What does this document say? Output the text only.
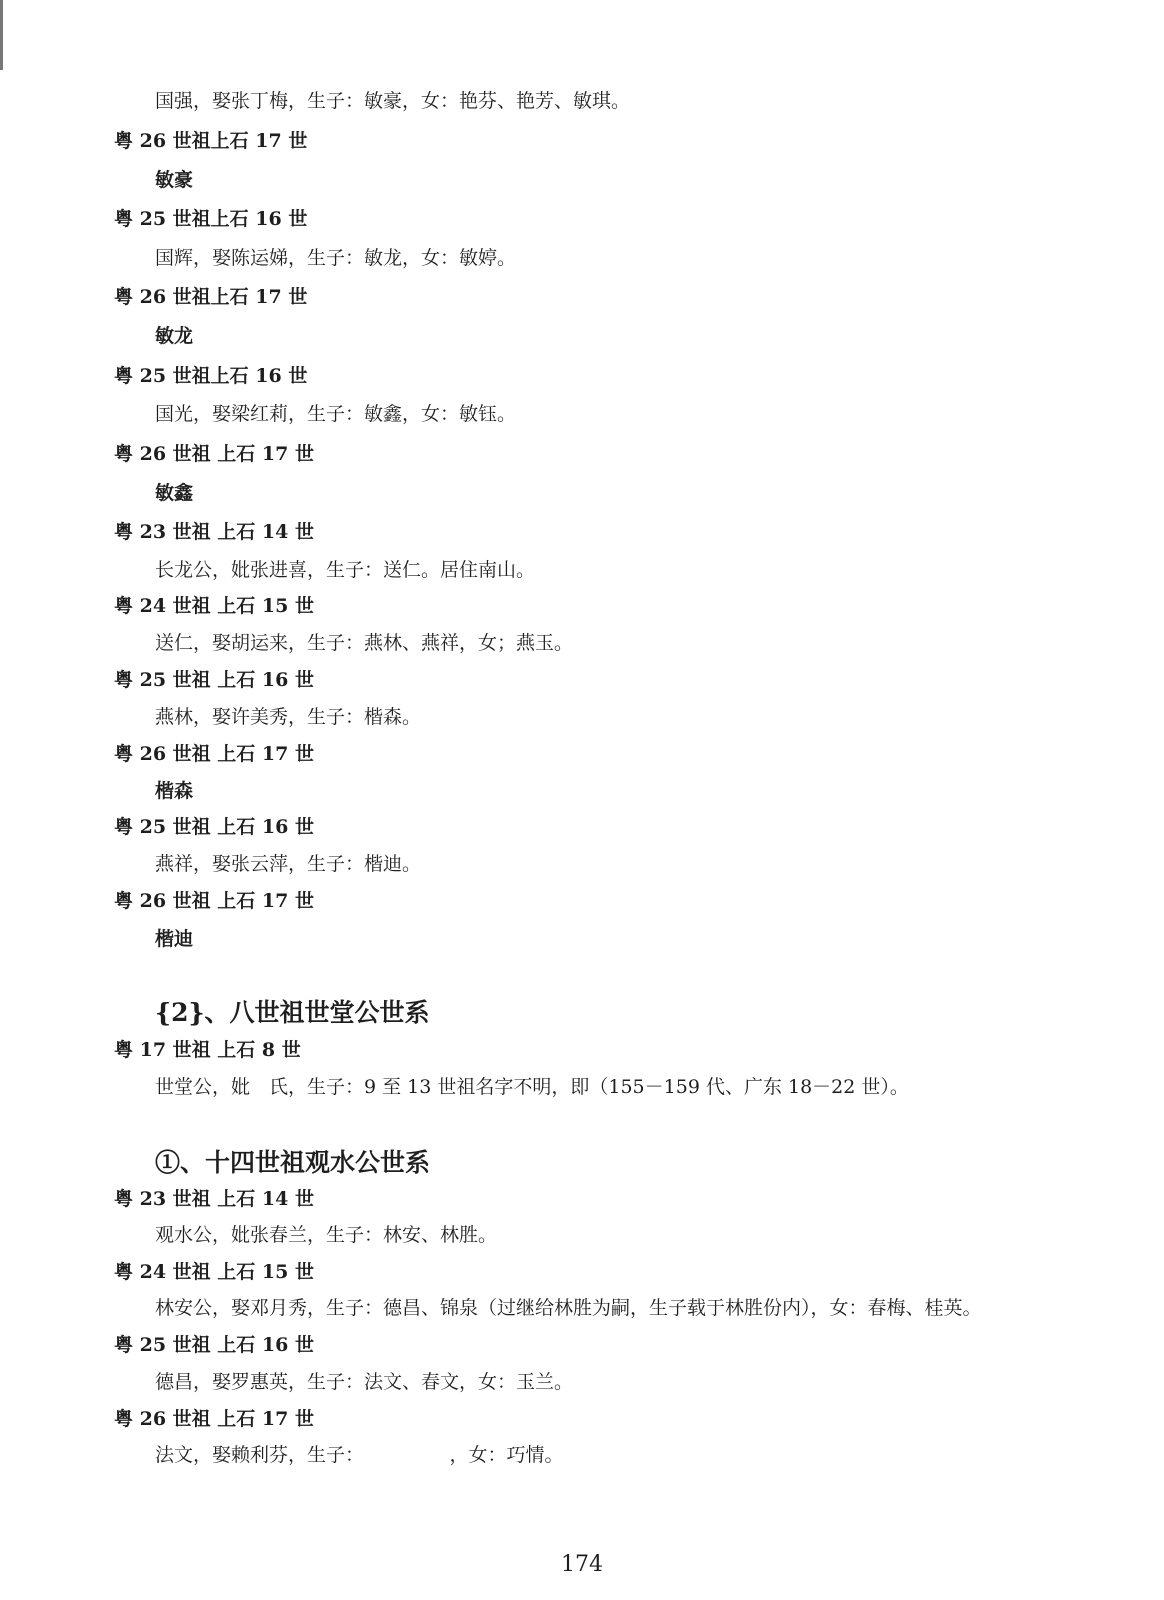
国强，娶张丁梅，生子：敏豪，女：艳芬、艳芳、敏琪。
粤 26 世祖上石 17 世
敏豪
粤 25 世祖上石 16 世
国辉，娶陈运娣，生子：敏龙，女：敏婷。
粤 26 世祖上石 17 世
敏龙
粤 25 世祖上石 16 世
国光，娶梁红莉，生子：敏鑫，女：敏钰。
粤 26 世祖 上石 17 世
敏鑫
粤 23 世祖 上石 14 世
长龙公，妣张进喜，生子：送仁。居住南山。
粤 24 世祖 上石 15 世
送仁，娶胡运来，生子：燕林、燕祥，女；燕玉。
粤 25 世祖 上石 16 世
燕林，娶许美秀，生子：楷森。
粤 26 世祖 上石 17 世
楷森
粤 25 世祖 上石 16 世
燕祥，娶张云萍，生子：楷迪。
粤 26 世祖 上石 17 世
楷迪
{2}、八世祖世堂公世系
粤 17 世祖 上石 8 世
世堂公，妣　氏，生子：9 至 13 世祖名字不明，即（155－159 代、广东 18－22 世）。
①、十四世祖观水公世系
粤 23 世祖 上石 14 世
观水公，妣张春兰，生子：林安、林胜。
粤 24 世祖 上石 15 世
林安公，娶邓月秀，生子：德昌、锦泉（过继给林胜为嗣，生子载于林胜份内），女：春梅、桂英。
粤 25 世祖 上石 16 世
德昌，娶罗惠英，生子：法文、春文，女：玉兰。
粤 26 世祖 上石 17 世
法文，娶赖利芬，生子：　　　　　，女：巧情。
174
